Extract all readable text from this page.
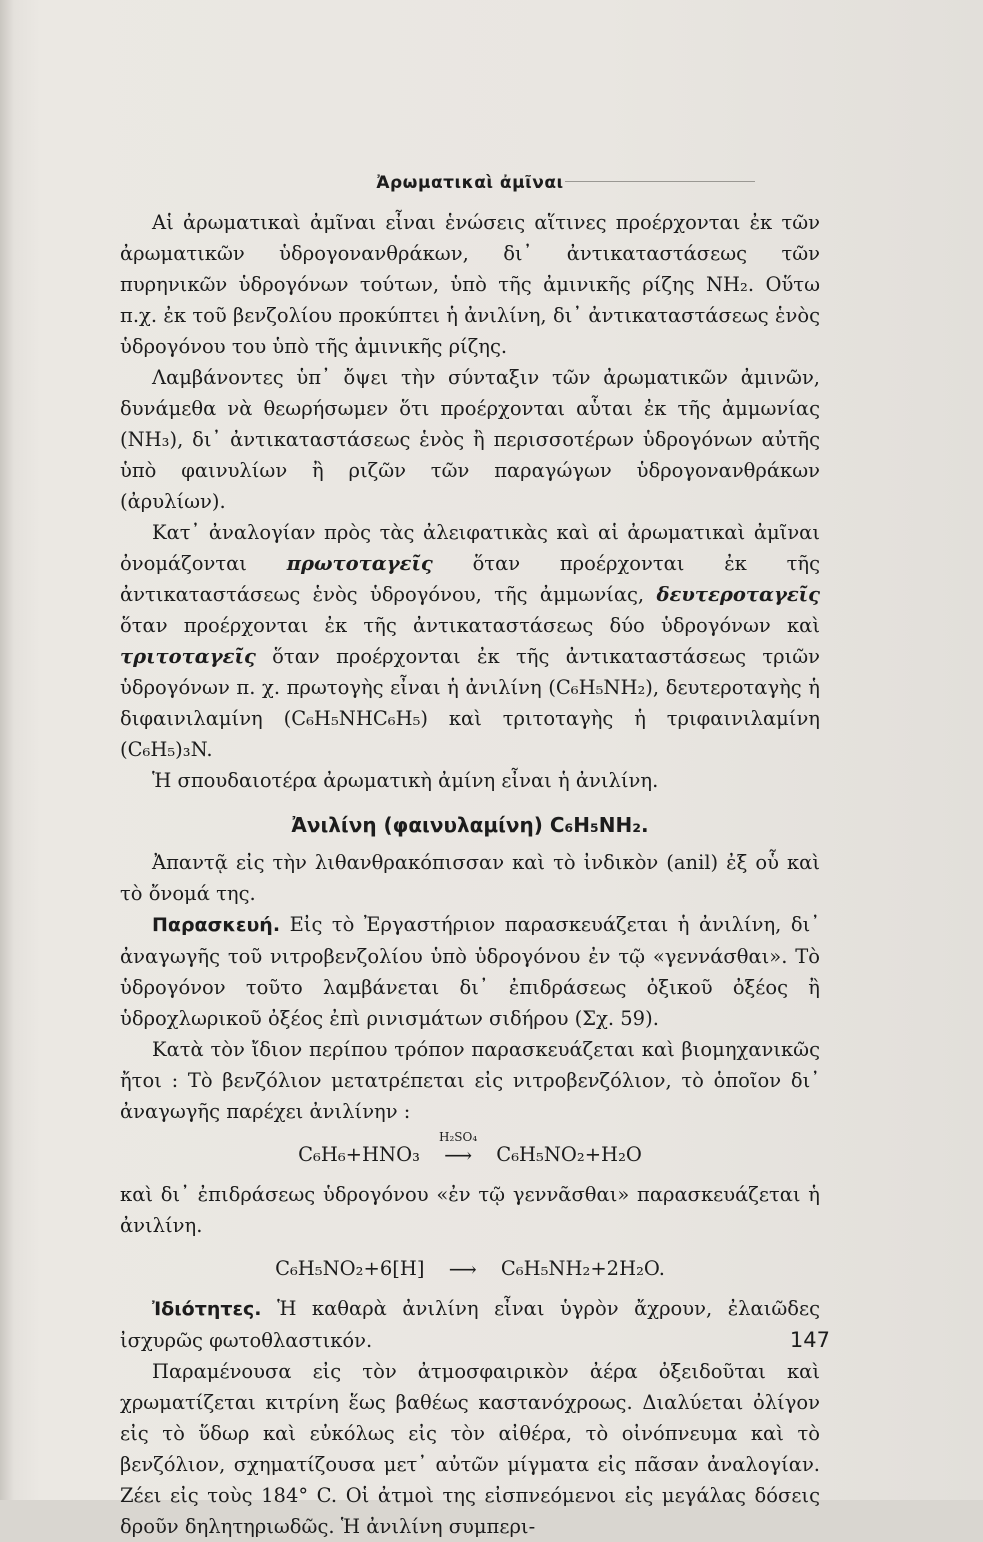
Ἀρωματικαὶ ἀμῖναι

Αἱ ἀρωματικαὶ ἀμῖναι εἶναι ἑνώσεις αἵτινες προέρχονται ἐκ τῶν ἀρωματικῶν ὑδρογονανθράκων, δι᾽ ἀντικαταστάσεως τῶν πυρηνικῶν ὑδρογόνων τούτων, ὑπὸ τῆς ἀμινικῆς ρίζης NH₂. Οὕτω π.χ. ἐκ τοῦ βενζολίου προκύπτει ἡ ἀνιλίνη, δι᾽ ἀντικαταστάσεως ἑνὸς ὑδρογόνου του ὑπὸ τῆς ἀμινικῆς ρίζης.

Λαμβάνοντες ὑπ᾽ ὄψει τὴν σύνταξιν τῶν ἀρωματικῶν ἀμινῶν, δυνάμεθα νὰ θεωρήσωμεν ὅτι προέρχονται αὗται ἐκ τῆς ἀμμωνίας (NH₃), δι᾽ ἀντικαταστάσεως ἑνὸς ἢ περισσοτέρων ὑδρογόνων αὐτῆς ὑπὸ φαινυλίων ἢ ριζῶν τῶν παραγώγων ὑδρογονανθράκων (ἀρυλίων).

Κατ᾽ ἀναλογίαν πρὸς τὰς ἀλειφατικὰς καὶ αἱ ἀρωματικαὶ ἀμῖναι ὀνομάζονται πρωτοταγεῖς ὅταν προέρχονται ἐκ τῆς ἀντικαταστάσεως ἑνὸς ὑδρογόνου, τῆς ἀμμωνίας, δευτεροταγεῖς ὅταν προέρχονται ἐκ τῆς ἀντικαταστάσεως δύο ὑδρογόνων καὶ τριτοταγεῖς ὅταν προέρχονται ἐκ τῆς ἀντικαταστάσεως τριῶν ὑδρογόνων π. χ. πρωτογὴς εἶναι ἡ ἀνιλίνη (C₆H₅NH₂), δευτεροταγὴς ἡ διφαινιλαμίνη (C₆H₅NHC₆H₅) καὶ τριτοταγὴς ἡ τριφαινιλαμίνη (C₆H₅)₃N.

Ἡ σπουδαιοτέρα ἀρωματικὴ ἀμίνη εἶναι ἡ ἀνιλίνη.

Ἀνιλίνη (φαινυλαμίνη) C₆H₅NH₂.

Ἀπαντᾷ εἰς τὴν λιθανθρακόπισσαν καὶ τὸ ἰνδικὸν (anil) ἐξ οὗ καὶ τὸ ὄνομά της.

Παρασκευή. Εἰς τὸ Ἐργαστήριον παρασκευάζεται ἡ ἀνιλίνη, δι᾽ ἀναγωγῆς τοῦ νιτροβενζολίου ὑπὸ ὑδρογόνου ἐν τῷ «γεννάσθαι». Τὸ ὑδρογόνον τοῦτο λαμβάνεται δι᾽ ἐπιδράσεως ὀξικοῦ ὀξέος ἢ ὑδροχλωρικοῦ ὀξέος ἐπὶ ρινισμάτων σιδήρου (Σχ. 59).

Κατὰ τὸν ἴδιον περίπου τρόπον παρασκευάζεται καὶ βιομηχανικῶς ἤτοι : Τὸ βενζόλιον μετατρέπεται εἰς νιτροβενζόλιον, τὸ ὁποῖον δι᾽ ἀναγωγῆς παρέχει ἀνιλίνην :

C₆H₆+HNO₃
H₂SO₄
⟶ C₆H₅NO₂+H₂O

καὶ δι᾽ ἐπιδράσεως ὑδρογόνου «ἐν τῷ γεννᾶσθαι» παρασκευάζεται ἡ ἀνιλίνη.

C₆H₅NO₂+6[H] ⟶ C₆H₅NH₂+2H₂O.

Ἰδιότητες. Ἡ καθαρὰ ἀνιλίνη εἶναι ὑγρὸν ἄχρουν, ἐλαιῶδες ἰσχυρῶς φωτοθλαστικόν.

Παραμένουσα εἰς τὸν ἀτμοσφαιρικὸν ἀέρα ὀξειδοῦται καὶ χρωματίζεται κιτρίνη ἕως βαθέως καστανόχροως. Διαλύεται ὀλίγον εἰς τὸ ὕδωρ καὶ εὐκόλως εἰς τὸν αἰθέρα, τὸ οἰνόπνευμα καὶ τὸ βενζόλιον, σχηματίζουσα μετ᾽ αὐτῶν μίγματα εἰς πᾶσαν ἀναλογίαν. Ζέει εἰς τοὺς 184° C. Οἱ ἀτμοὶ της εἰσπνεόμενοι εἰς μεγάλας δόσεις δροῦν δηλητηριωδῶς. Ἡ ἀνιλίνη συμπερι-

147
